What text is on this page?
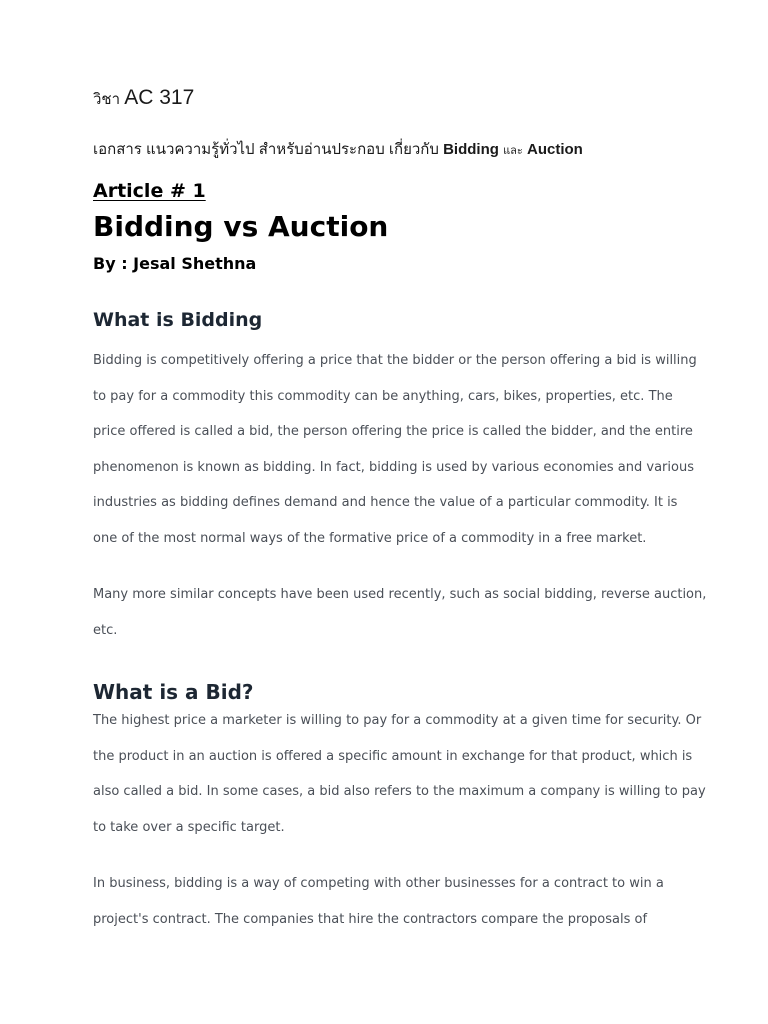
วิชา AC 317
เอกสาร แนวความรู้ทั่วไป สำหรับอ่านประกอบ เกี่ยวกับ Bidding และ Auction
Article # 1
Bidding vs Auction
By : Jesal Shethna
What is Bidding
Bidding is competitively offering a price that the bidder or the person offering a bid is willing
to pay for a commodity this commodity can be anything, cars, bikes, properties, etc. The
price offered is called a bid, the person offering the price is called the bidder, and the entire
phenomenon is known as bidding. In fact, bidding is used by various economies and various
industries as bidding defines demand and hence the value of a particular commodity. It is
one of the most normal ways of the formative price of a commodity in a free market.
Many more similar concepts have been used recently, such as social bidding, reverse auction,
etc.
What is a Bid?
The highest price a marketer is willing to pay for a commodity at a given time for security. Or
the product in an auction is offered a specific amount in exchange for that product, which is
also called a bid. In some cases, a bid also refers to the maximum a company is willing to pay
to take over a specific target.
In business, bidding is a way of competing with other businesses for a contract to win a
project's contract. The companies that hire the contractors compare the proposals of
